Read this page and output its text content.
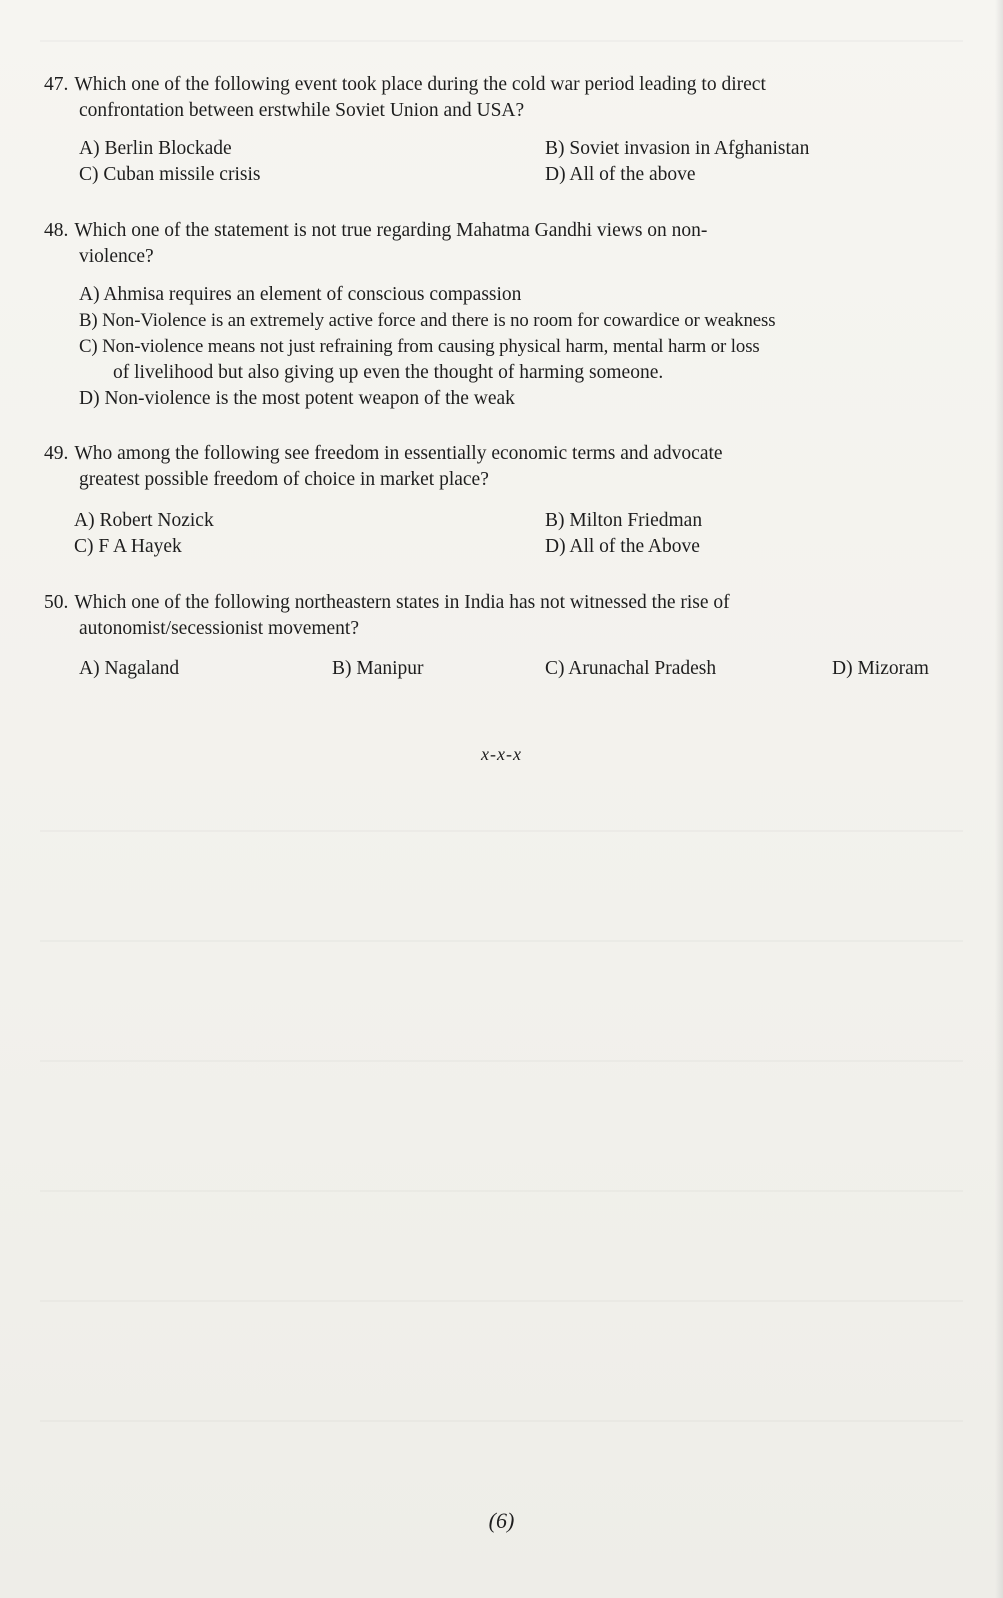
47. Which one of the following event took place during the cold war period leading to direct
confrontation between erstwhile Soviet Union and USA?
A) Berlin Blockade	B) Soviet invasion in Afghanistan
C) Cuban missile crisis	D) All of the above
48. Which one of the statement is not true regarding Mahatma Gandhi views on non-
violence?
A) Ahmisa requires an element of conscious compassion
B) Non-Violence is an extremely active force and there is no room for cowardice or weakness
C) Non-violence means not just refraining from causing physical harm, mental harm or loss
of livelihood but also giving up even the thought of harming someone.
D) Non-violence is the most potent weapon of the weak
49. Who among the following see freedom in essentially economic terms and advocate
greatest possible freedom of choice in market place?
A) Robert Nozick	B) Milton Friedman
C) F A Hayek	D) All of the Above
50. Which one of the following northeastern states in India has not witnessed the rise of
autonomist/secessionist movement?
A) Nagaland	B) Manipur	C) Arunachal Pradesh	D) Mizoram
x-x-x
(6)
